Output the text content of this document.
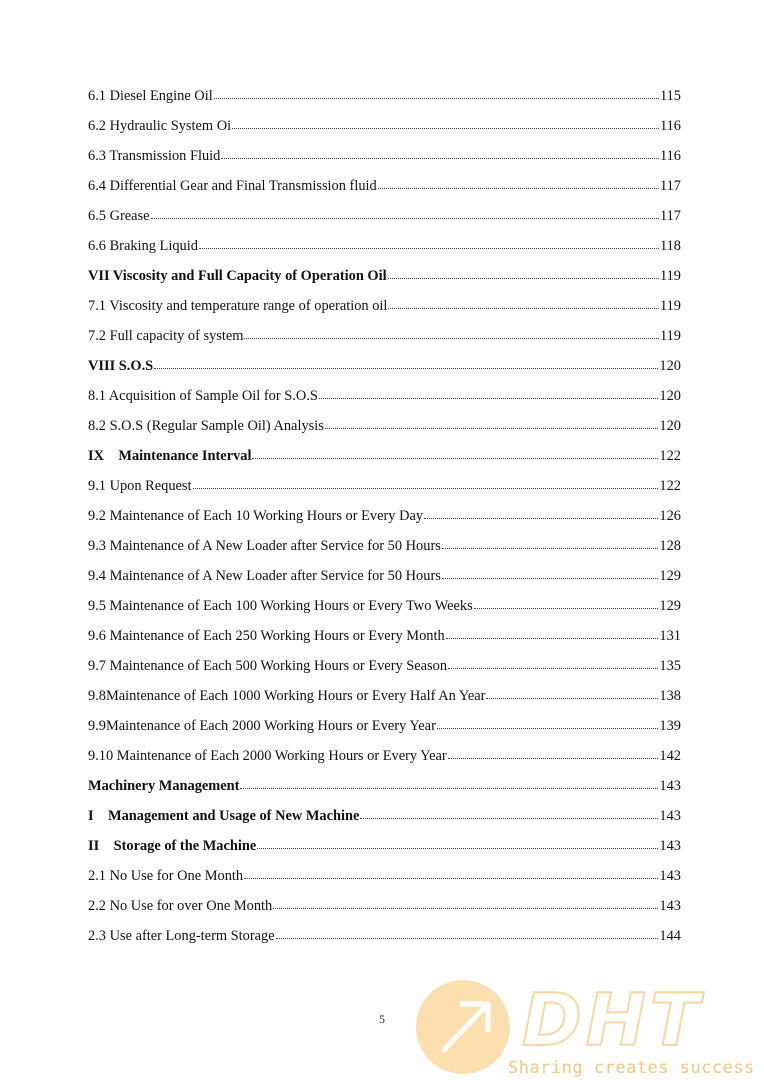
6.1 Diesel Engine Oil	115
6.2 Hydraulic System Oi	116
6.3 Transmission Fluid	116
6.4 Differential Gear and Final Transmission fluid	117
6.5 Grease	117
6.6 Braking Liquid	118
VII Viscosity and Full Capacity of Operation Oil	119
7.1 Viscosity and temperature range of operation oil	119
7.2 Full capacity of system	119
VIII S.O.S	120
8.1 Acquisition of Sample Oil for S.O.S	120
8.2 S.O.S (Regular Sample Oil) Analysis	120
IX    Maintenance Interval	122
9.1 Upon Request	122
9.2 Maintenance of Each 10 Working Hours or Every Day	126
9.3 Maintenance of A New Loader after Service for 50 Hours	128
9.4 Maintenance of A New Loader after Service for 50 Hours	129
9.5 Maintenance of Each 100 Working Hours or Every Two Weeks	129
9.6 Maintenance of Each 250 Working Hours or Every Month	131
9.7 Maintenance of Each 500 Working Hours or Every Season	135
9.8Maintenance of Each 1000 Working Hours or Every Half An Year	138
9.9Maintenance of Each 2000 Working Hours or Every Year	139
9.10 Maintenance of Each 2000 Working Hours or Every Year	142
Machinery Management	143
I    Management and Usage of New Machine	143
II    Storage of the Machine	143
2.1 No Use for One Month	143
2.2 No Use for over One Month	143
2.3 Use after Long-term Storage	144
5	DHT
Sharing creates success
